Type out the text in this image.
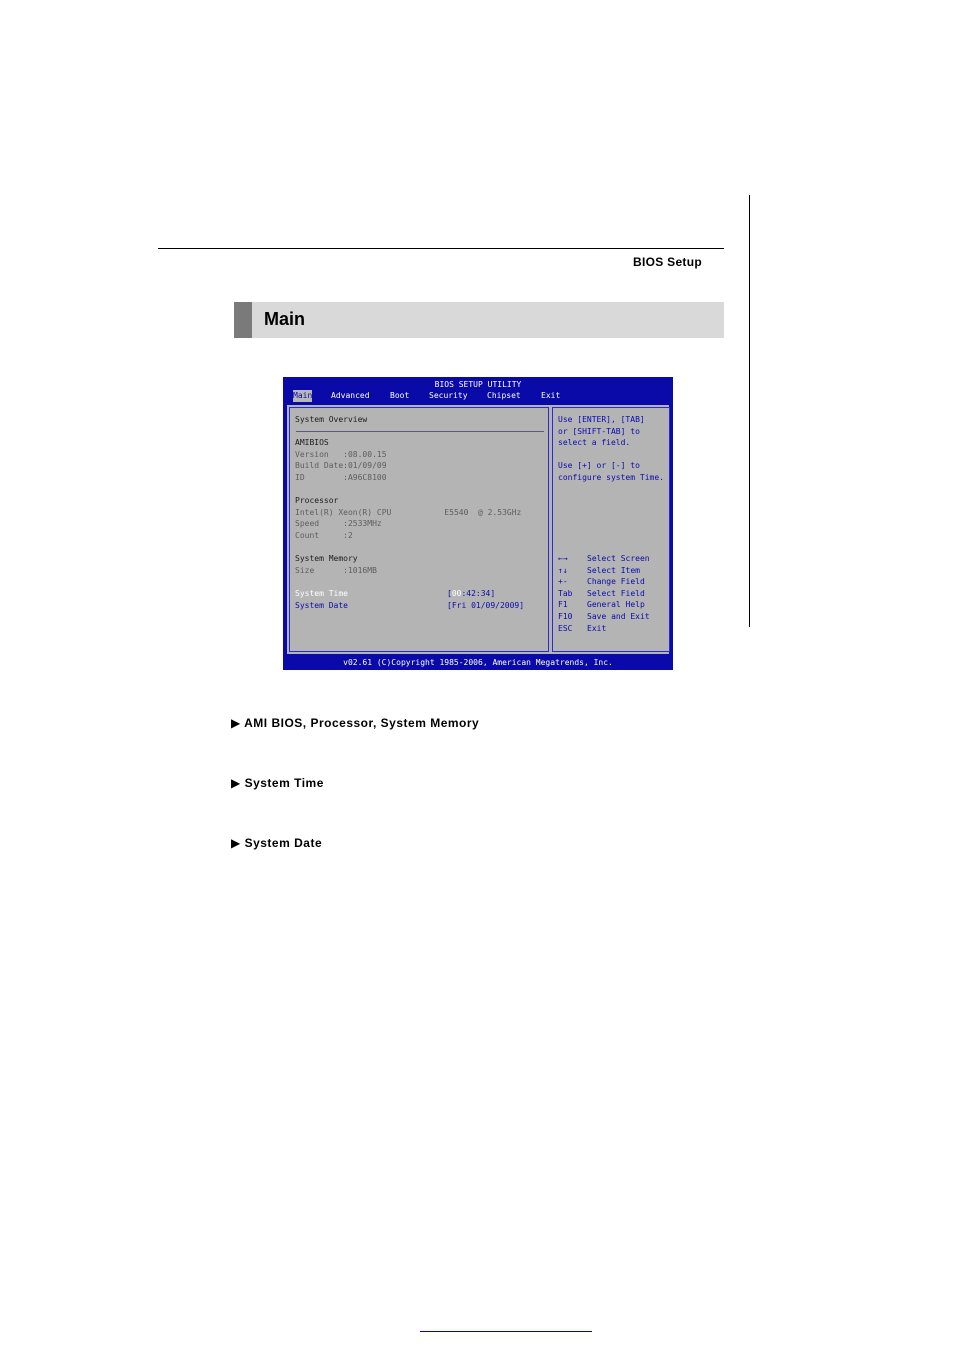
BIOS Setup
Main
BIOS SETUP UTILITY
Main Advanced	Boot Security Chipset	Exit
System Overview
AMIBIOS
Version   :08.00.15
Build Date:01/09/09
ID        :A96C8100
Processor
Intel(R) Xeon(R) CPU           E5540  @ 2.53GHz
Speed     :2533MHz
Count     :2
System Memory
Size      :1016MB
System Time	[00:42:34]
System Date	[Fri 01/09/2009]
Use [ENTER], [TAB]
or [SHIFT-TAB] to
select a field.
Use [+] or [-] to
configure system Time.
←→ Select Screen
↑↓ Select Item
+- Change Field
Tab Select Field
F1 General Help
F10 Save and Exit
ESC Exit
v02.61 (C)Copyright 1985-2006, American Megatrends, Inc.
▶ AMI BIOS, Processor, System Memory
▶ System Time
▶ System Date
